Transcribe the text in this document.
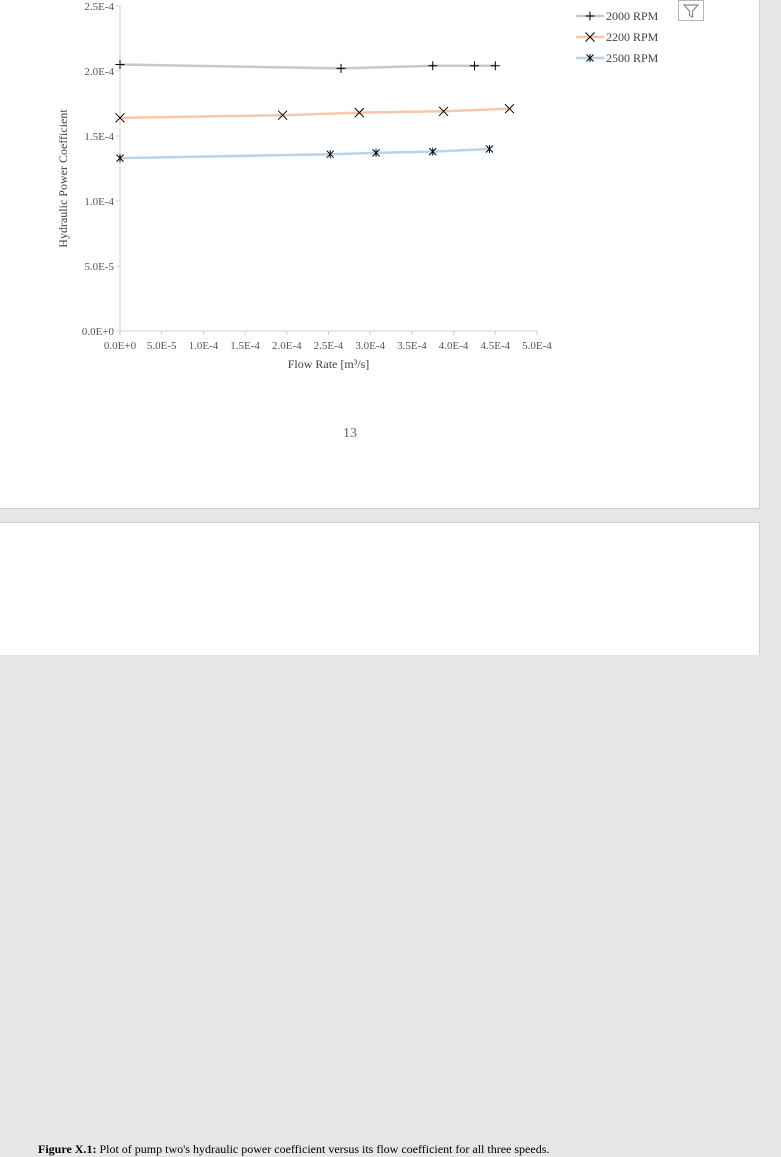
0.0E+0
5.0E-5
1.0E-4
1.5E-4
2.0E-4
2.5E-4
0.0E+0 5.0E-5 1.0E-4 1.5E-4 2.0E-4 2.5E-4 3.0E-4 3.5E-4 4.0E-4 4.5E-4 5.0E-4
2000 RPM
2200 RPM
2500 RPM
Flow Rate [m³/s]
Hydraulic Power Coefficient
13
Figure X.1: Plot of pump two's hydraulic power coefficient versus its flow coefficient for all three speeds.
